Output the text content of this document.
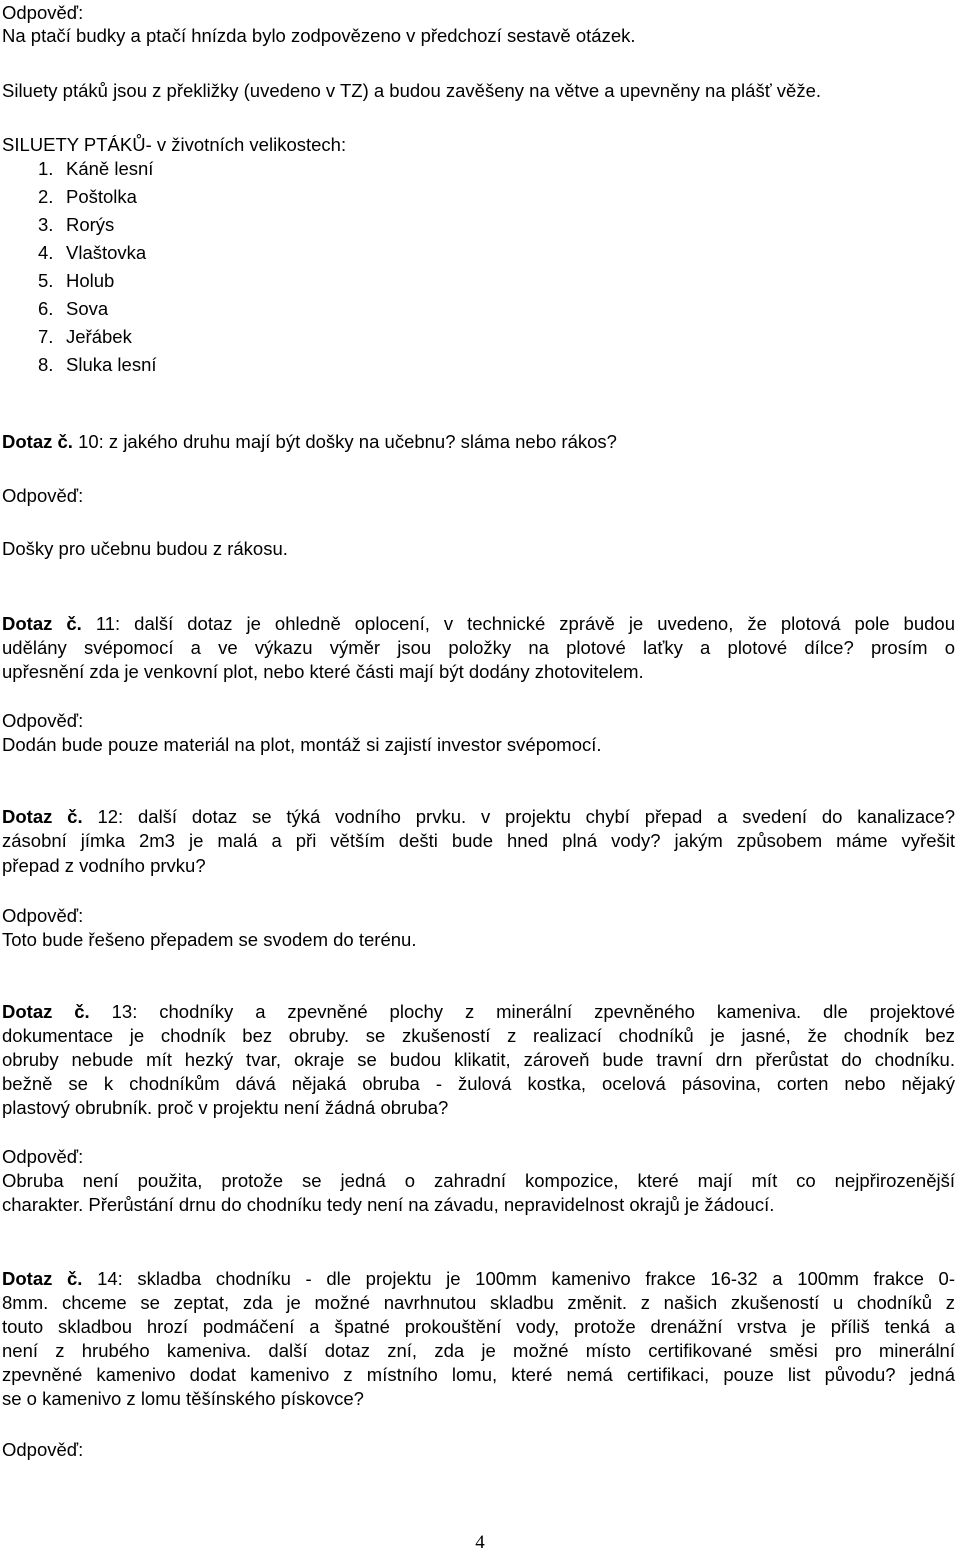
Odpověď:
Na ptačí budky a ptačí hnízda bylo zodpovězeno v předchozí sestavě otázek.
Siluety ptáků jsou z překližky (uvedeno v TZ) a budou zavěšeny na větve a upevněny na plášť věže.
SILUETY PTÁKŮ- v životních velikostech:
1. Káně lesní
2. Poštolka
3. Rorýs
4. Vlaštovka
5. Holub
6. Sova
7. Jeřábek
8. Sluka lesní
Dotaz č. 10: z jakého druhu mají být došky na učebnu? sláma nebo rákos?
Odpověď:
Došky pro učebnu budou z rákosu.
Dotaz č. 11: další dotaz je ohledně oplocení, v technické zprávě je uvedeno, že plotová pole budou
udělány svépomocí a ve výkazu výměr jsou položky na plotové laťky a plotové dílce? prosím o
upřesnění zda je venkovní plot, nebo které části mají být dodány zhotovitelem.
Odpověď:
Dodán bude pouze materiál na plot, montáž si zajistí investor svépomocí.
Dotaz č. 12: další dotaz se týká vodního prvku. v projektu chybí přepad a svedení do kanalizace?
zásobní jímka 2m3 je malá a při větším dešti bude hned plná vody? jakým způsobem máme vyřešit
přepad z vodního prvku?
Odpověď:
Toto bude řešeno přepadem se svodem do terénu.
Dotaz č. 13: chodníky a zpevněné plochy z minerální zpevněného kameniva. dle projektové
dokumentace je chodník bez obruby. se zkušeností z realizací chodníků je jasné, že chodník bez
obruby nebude mít hezký tvar, okraje se budou klikatit, zároveň bude travní drn přerůstat do chodníku.
bežně se k chodníkům dává nějaká obruba - žulová kostka, ocelová pásovina, corten nebo nějaký
plastový obrubník. proč v projektu není žádná obruba?
Odpověď:
Obruba není použita, protože se jedná o zahradní kompozice, které mají mít co nejpřirozenější
charakter. Přerůstání drnu do chodníku tedy není na závadu, nepravidelnost okrajů je žádoucí.
Dotaz č. 14: skladba chodníku - dle projektu je 100mm kamenivo frakce 16-32 a 100mm frakce 0-
8mm. chceme se zeptat, zda je možné navrhnutou skladbu změnit. z našich zkušeností u chodníků z
touto skladbou hrozí podmáčení a špatné prokouštění vody, protože drenážní vrstva je příliš tenká a
není z hrubého kameniva. další dotaz zní, zda je možné místo certifikované směsi pro minerální
zpevněné kamenivo dodat kamenivo z místního lomu, které nemá certifikaci, pouze list původu? jedná
se o kamenivo z lomu těšínského pískovce?
Odpověď:
4
